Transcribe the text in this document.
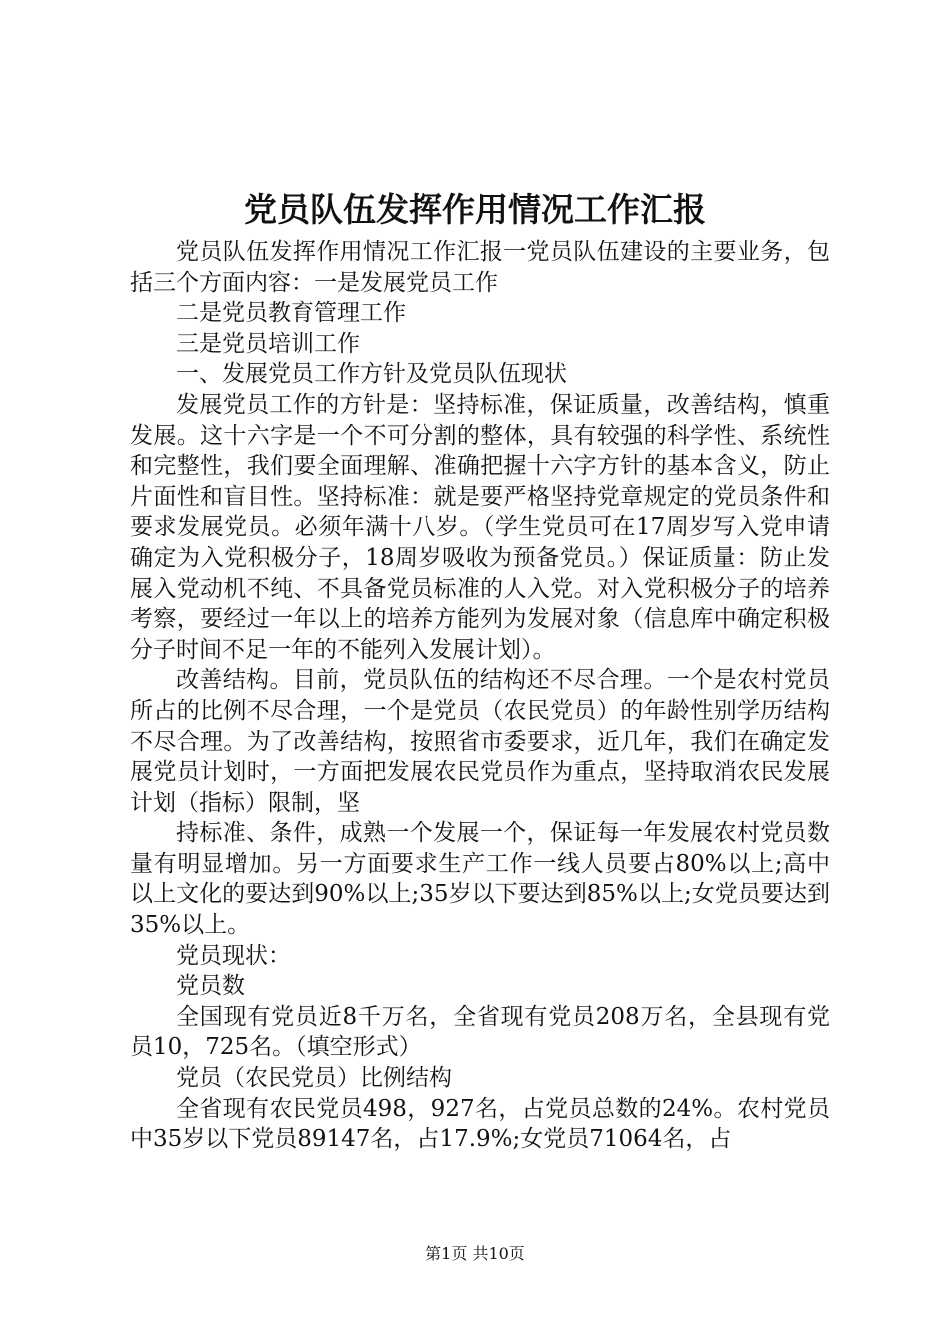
党员队伍发挥作用情况工作汇报

党员队伍发挥作用情况工作汇报一党员队伍建设的主要业务，包括三个方面内容：一是发展党员工作

二是党员教育管理工作

三是党员培训工作

一、发展党员工作方针及党员队伍现状

发展党员工作的方针是：坚持标准，保证质量，改善结构，慎重发展。这十六字是一个不可分割的整体，具有较强的科学性、系统性和完整性，我们要全面理解、准确把握十六字方针的基本含义，防止片面性和盲目性。坚持标准：就是要严格坚持党章规定的党员条件和要求发展党员。必须年满十八岁。（学生党员可在17周岁写入党申请确定为入党积极分子，18周岁吸收为预备党员。）保证质量：防止发展入党动机不纯、不具备党员标准的人入党。对入党积极分子的培养考察，要经过一年以上的培养方能列为发展对象（信息库中确定积极分子时间不足一年的不能列入发展计划）。

改善结构。目前，党员队伍的结构还不尽合理。一个是农村党员所占的比例不尽合理，一个是党员（农民党员）的年龄性别学历结构不尽合理。为了改善结构，按照省市委要求，近几年，我们在确定发展党员计划时，一方面把发展农民党员作为重点，坚持取消农民发展计划（指标）限制，坚

持标准、条件，成熟一个发展一个，保证每一年发展农村党员数量有明显增加。另一方面要求生产工作一线人员要占80%以上;高中以上文化的要达到90%以上;35岁以下要达到85%以上;女党员要达到35%以上。

党员现状：

党员数

全国现有党员近8千万名，全省现有党员208万名，全县现有党员10，725名。（填空形式）

党员（农民党员）比例结构

全省现有农民党员498，927名，占党员总数的24%。农村党员中35岁以下党员89147名，占17.9%;女党员71064名，占

第1页 共10页
